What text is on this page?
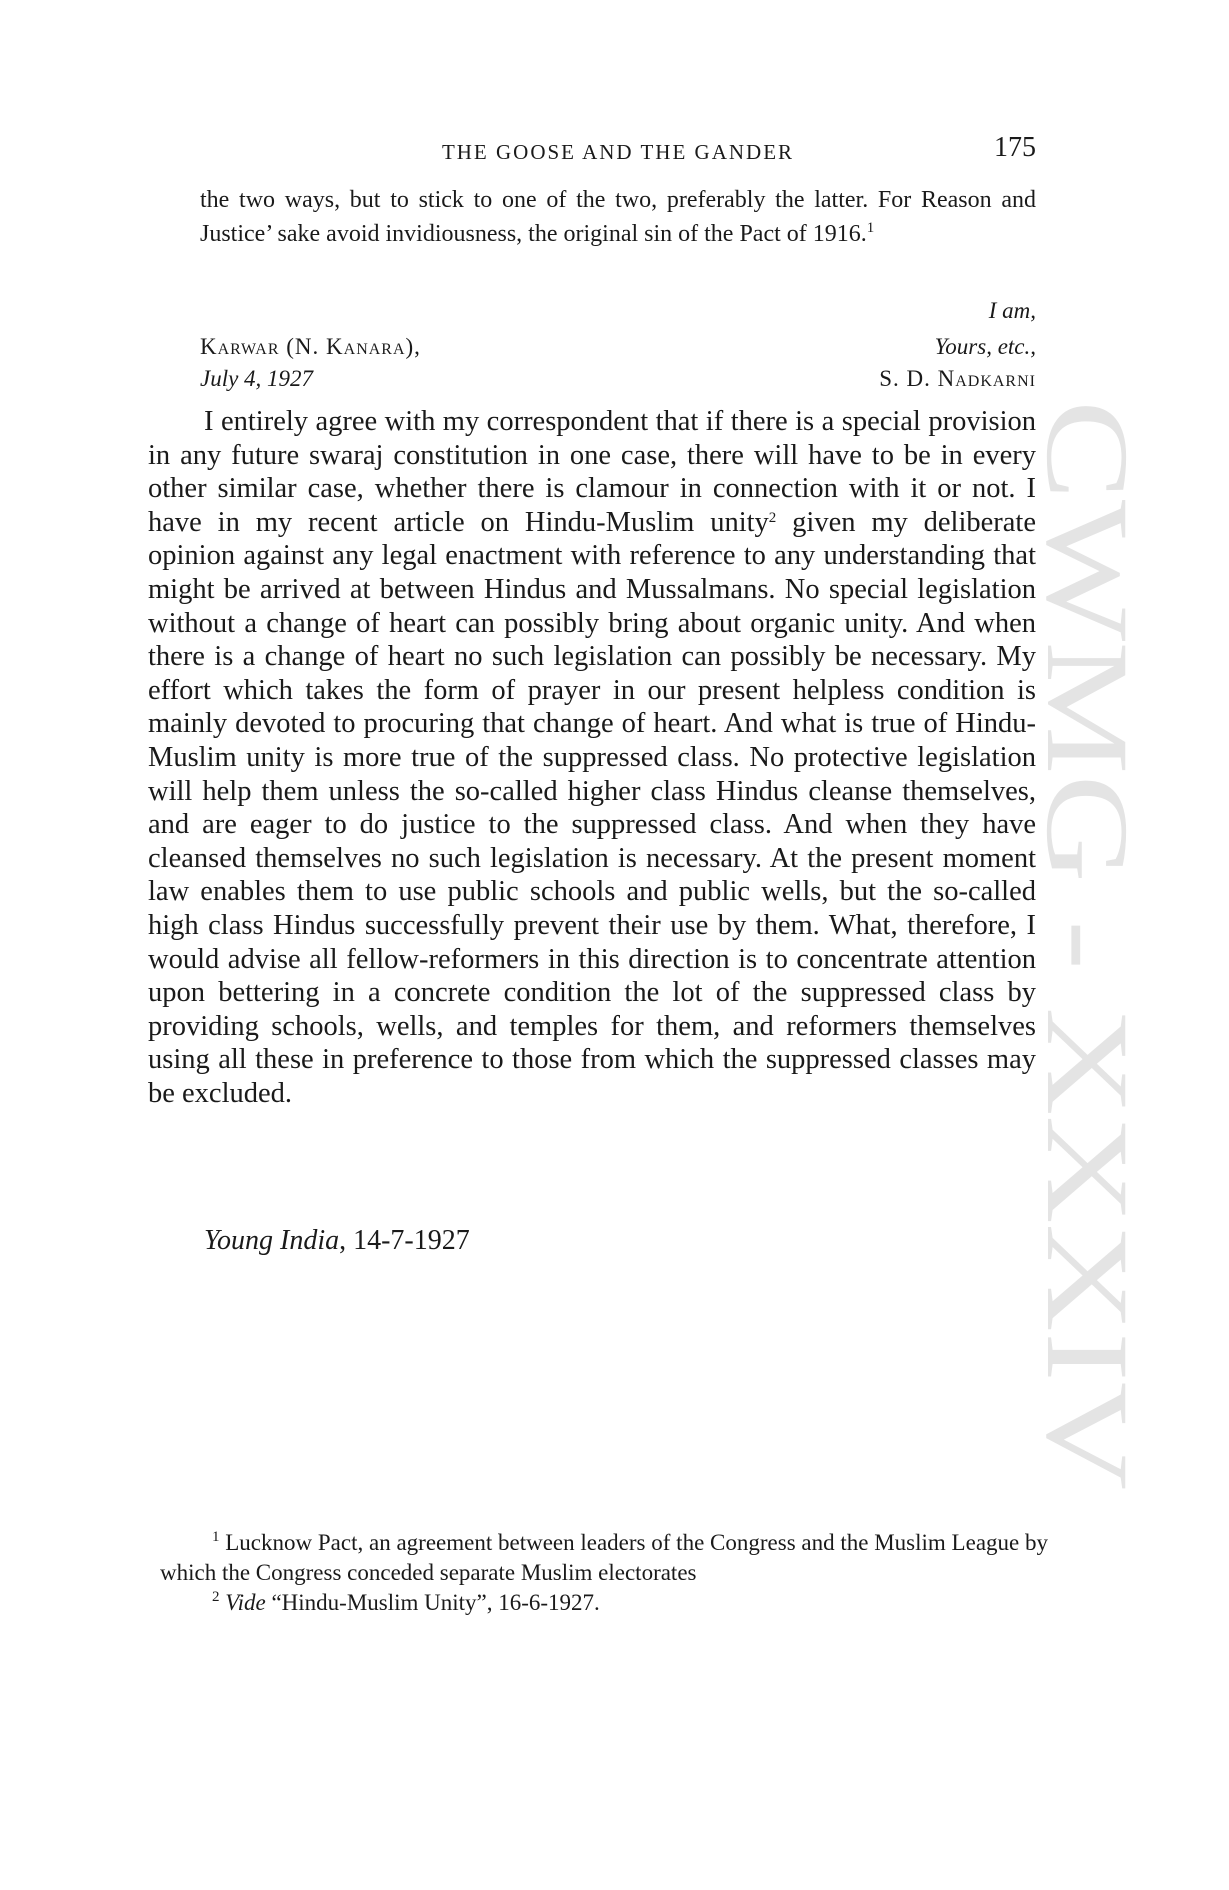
THE GOOSE AND THE GANDER	175
the two ways, but to stick to one of the two, preferably the latter. For Reason and Justice’ sake avoid invidiousness, the original sin of the Pact of 1916.$^1$
I am,
Karwar (N. Kanara),	Yours, etc.,
July 4, 1927	S. D. Nadkarni

I entirely agree with my correspondent that if there is a special provision in any future swaraj constitution in one case, there will have to be in every other similar case, whether there is clamour in connection with it or not. I have in my recent article on Hindu-Muslim unity$^2$ given my deliberate opinion against any legal enactment with reference to any understanding that might be arrived at between Hindus and Mussalmans. No special legislation without a change of heart can possibly bring about organic unity. And when there is a change of heart no such legislation can possibly be necessary. My effort which takes the form of prayer in our present helpless condition is mainly devoted to procuring that change of heart. And what is true of Hindu-Muslim unity is more true of the suppressed class. No protective legislation will help them unless the so-called higher class Hindus cleanse themselves, and are eager to do justice to the suppressed class. And when they have cleansed themselves no such legislation is necessary. At the present moment law enables them to use public schools and public wells, but the so-called high class Hindus successfully prevent their use by them. What, therefore, I would advise all fellow-reformers in this direction is to concentrate attention upon bettering in a concrete condition the lot of the suppressed class by providing schools, wells, and temples for them, and reformers themselves using all these in preference to those from which the suppressed classes may be excluded.

Young India, 14-7-1927

$^1$ Lucknow Pact, an agreement between leaders of the Congress and the Muslim League by which the Congress conceded separate Muslim electorates

$^2$ Vide “Hindu-Muslim Unity”, 16-6-1927.

CWMG - XXXIV
